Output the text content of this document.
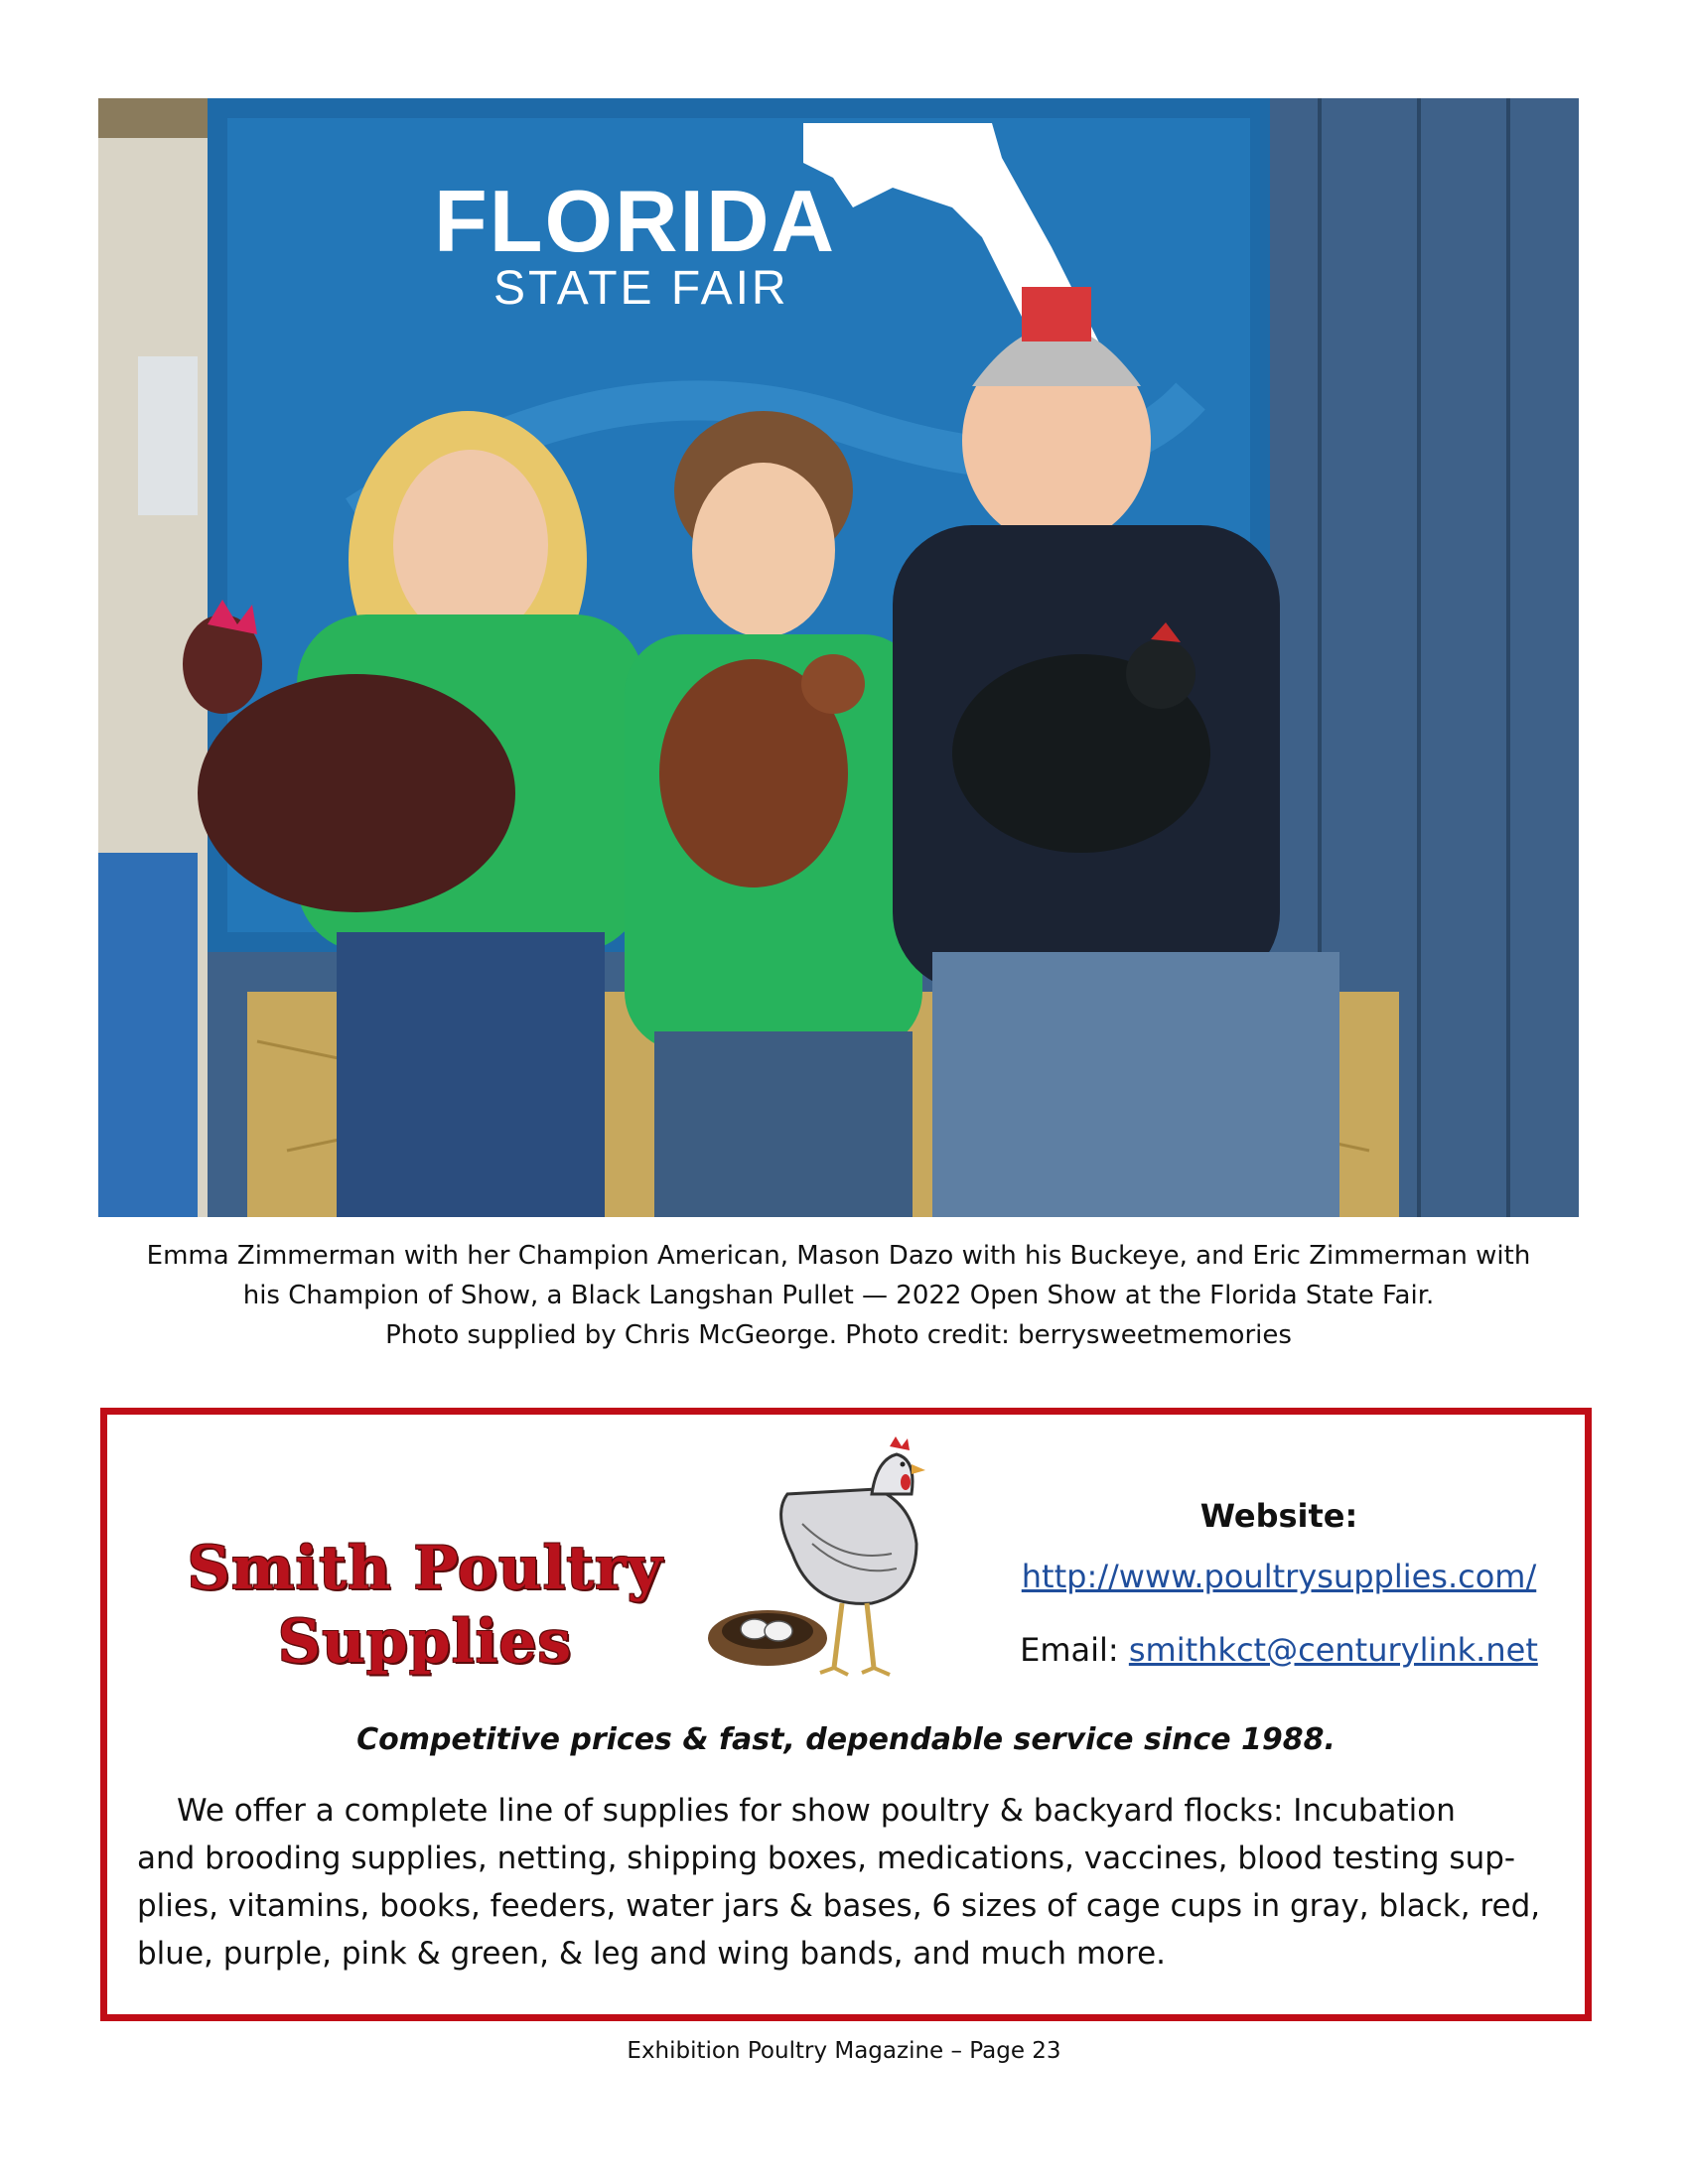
FLORIDA
STATE FAIR
Emma Zimmerman with her Champion American, Mason Dazo with his Buckeye, and Eric Zimmerman with
his Champion of Show, a Black Langshan Pullet — 2022 Open Show at the Florida State Fair.
Photo supplied by Chris McGeorge. Photo credit: berrysweetmemories
Smith Poultry
Supplies
Website:
http://www.poultrysupplies.com/
Email: smithkct@centurylink.net
Competitive prices & fast, dependable service since 1988.
We offer a complete line of supplies for show poultry & backyard flocks: Incubation
and brooding supplies, netting, shipping boxes, medications, vaccines, blood testing sup-
plies, vitamins, books, feeders, water jars & bases, 6 sizes of cage cups in gray, black, red,
blue, purple, pink & green, & leg and wing bands, and much more.
Exhibition Poultry Magazine – Page 23
